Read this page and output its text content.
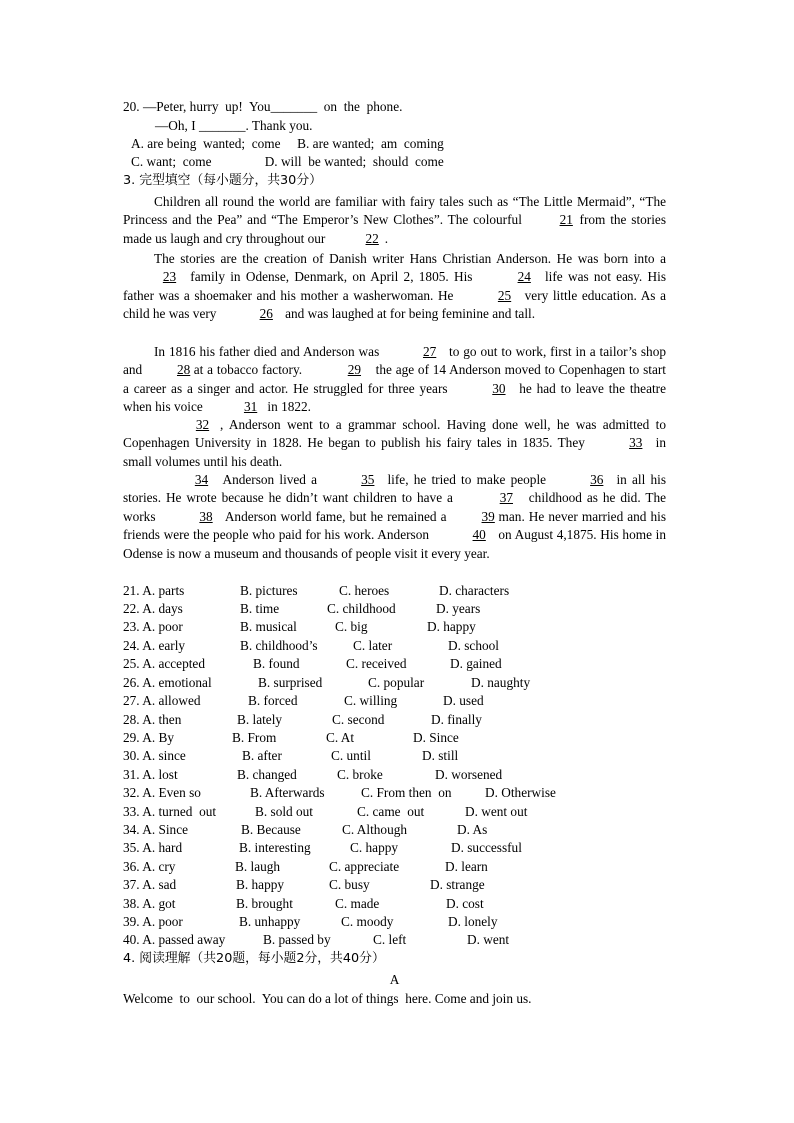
20. —Peter, hurry  up!  You_______  on  the  phone.
—Oh, I _______. Thank you.
A. are being  wanted;  come     B. are wanted;  am  coming
C. want;  come                D. will  be wanted;  should  come
3. 完型填空（每小题分，共30分）
Children all round the world are familiar with fairy tales such as “The Little Mermaid”, “The Princess and the Pea” and “The Emperor’s New Clothes”. The colourful 21 from the stories made us laugh and cry throughout our	22 .
The stories are the creation of Danish writer Hans Christian Anderson. He was born into a 23 family in Odense, Denmark, on April 2, 1805. His	24 life was not easy. His father was a shoemaker and his mother a washerwoman. He	25 very little education. As a child he was very	26 and was laughed at for being feminine and tall.
In 1816 his father died and Anderson was	27 to go out to work, first in a tailor’s shop and 28 at a tobacco factory.	29 the age of 14 Anderson moved to Copenhagen to start a career as a singer and actor. He struggled for three years	30 he had to leave the theatre when his voice	31 in 1822.
32 , Anderson went to a grammar school. Having done well, he was admitted to Copenhagen University in 1828. He began to publish his fairy tales in 1835. They	33 in small volumes until his death.
34 Anderson lived a	35 life, he tried to make people	36 in all his stories. He wrote because he didn’t want children to have a	37 childhood as he did. The works	38 Anderson world fame, but he remained a 39 man. He never married and his friends were the people who paid for his work. Anderson	40 on August 4,1875. His home in Odense is now a museum and thousands of people visit it every year.
21. A. parts	B. pictures	C. heroes	D. characters
22. A. days	B. time	C. childhood	D. years
23. A. poor	B. musical	C. big	D. happy
24. A. early	B. childhood’s	C. later	D. school
25. A. accepted	B. found	C. received	D. gained
26. A. emotional	B. surprised	C. popular	D. naughty
27. A. allowed	B. forced	C. willing	D. used
28. A. then	B. lately	C. second	D. finally
29. A. By	B. From	C. At	D. Since
30. A. since	B. after	C. until	D. still
31. A. lost	B. changed	C. broke	D. worsened
32. A. Even so	B. Afterwards	C. From then  on	D. Otherwise
33. A. turned  out	B. sold out	C. came  out	D. went out
34. A. Since	B. Because	C. Although	D. As
35. A. hard	B. interesting	C. happy	D. successful
36. A. cry	B. laugh	C. appreciate	D. learn
37. A. sad	B. happy	C. busy	D. strange
38. A. got	B. brought	C. made	D. cost
39. A. poor	B. unhappy	C. moody	D. lonely
40. A. passed away	B. passed by	C. left	D. went
4. 阅读理解（共20题，每小题2分，共40分）
A
Welcome  to  our school.  You can do a lot of things  here. Come and join us.
